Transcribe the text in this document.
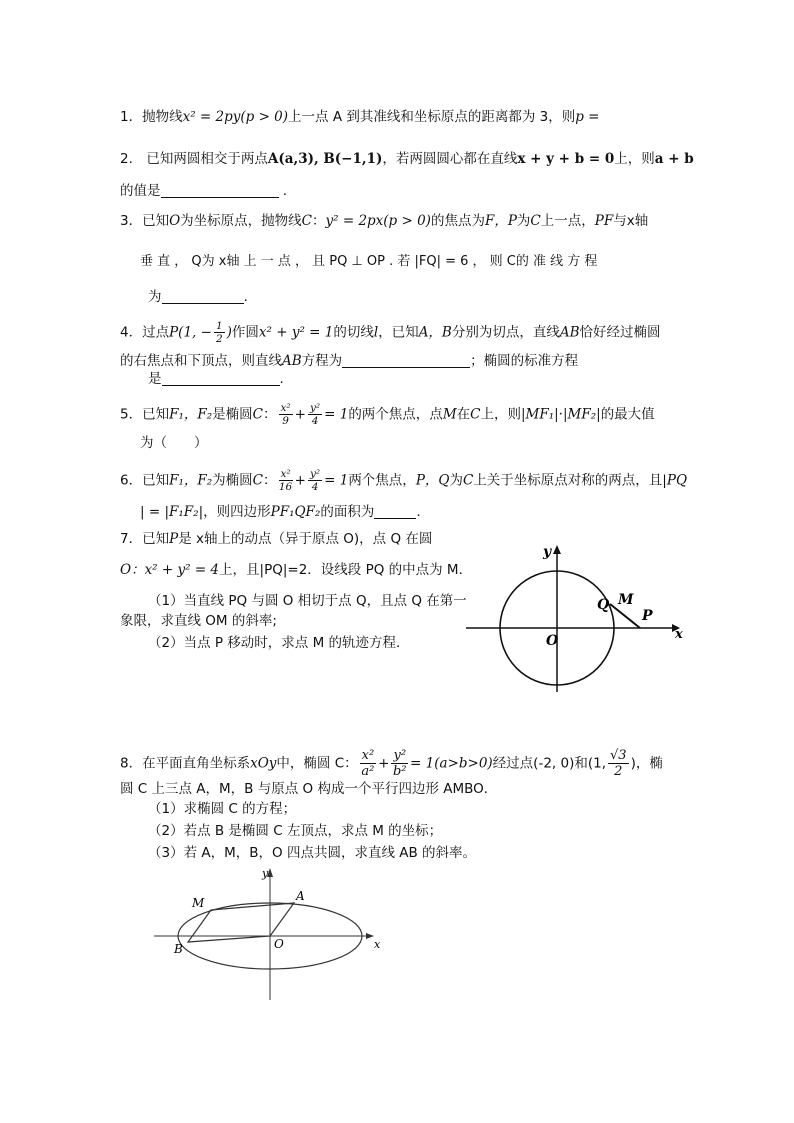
1．抛物线x² = 2py(p > 0)上一点 A 到其准线和坐标原点的距离都为 3，则p =
2.　已知两圆相交于两点A(a,3), B(−1,1)，若两圆圆心都在直线x + y + b = 0上，则a + b
的值是	.
3．已知O为坐标原点，抛物线C：y² = 2px(p > 0)的焦点为F，P为C上一点，PF与x轴
垂 直 ， Q为 x轴 上 一 点 ， 且 PQ ⊥ OP . 若 |FQ| = 6 ， 则 C的 准 线 方 程
为	.
4．过点P(1, − $\frac{1}{2}$ )作圆x² + y² = 1的切线l，已知A，B分别为切点，直线AB恰好经过椭圆
的右焦点和下顶点，则直线AB方程为	；椭圆的标准方程
是	.
5．已知F₁，F₂是椭圆C： $\frac{\text{x²}}{9} + \frac{\text{y²}}{4} = 1$的两个焦点，点M在C上，则|MF₁|·|MF₂|的最大值
为（　　）
6．已知F₁，F₂为椭圆C： $\frac{\text{x²}}{16} + \frac{\text{y²}}{4} = 1$两个焦点，P，Q为C上关于坐标原点对称的两点，且|PQ
| = |F₁F₂|，则四边形PF₁QF₂的面积为	.
7．已知P是 x轴上的动点（异于原点 O)，点 Q 在圆
O：x² + y² = 4上，且|PQ|=2．设线段 PQ 的中点为 M．
（1）当直线 PQ 与圆 O 相切于点 Q，且点 Q 在第一
象限，求直线 OM 的斜率;
（2）当点 P 移动时，求点 M 的轨迹方程．
y
x
O
Q M
P
8．在平面直角坐标系xOy中，椭圆 C： $\frac{\text{x²}}{\text{a²}} + \frac{\text{y²}}{\text{b²}} = 1(a>b>0)$经过点(-2, 0)和(1, $\frac{√3}{2}$ )，椭
圆 C 上三点 A，M，B 与原点 O 构成一个平行四边形 AMBO．
（1）求椭圆 C 的方程；
（2）若点 B 是椭圆 C 左顶点，求点 M 的坐标；
（3）若 A，M，B，O 四点共圆，求直线 AB 的斜率。
y
x
O
A
M
B
